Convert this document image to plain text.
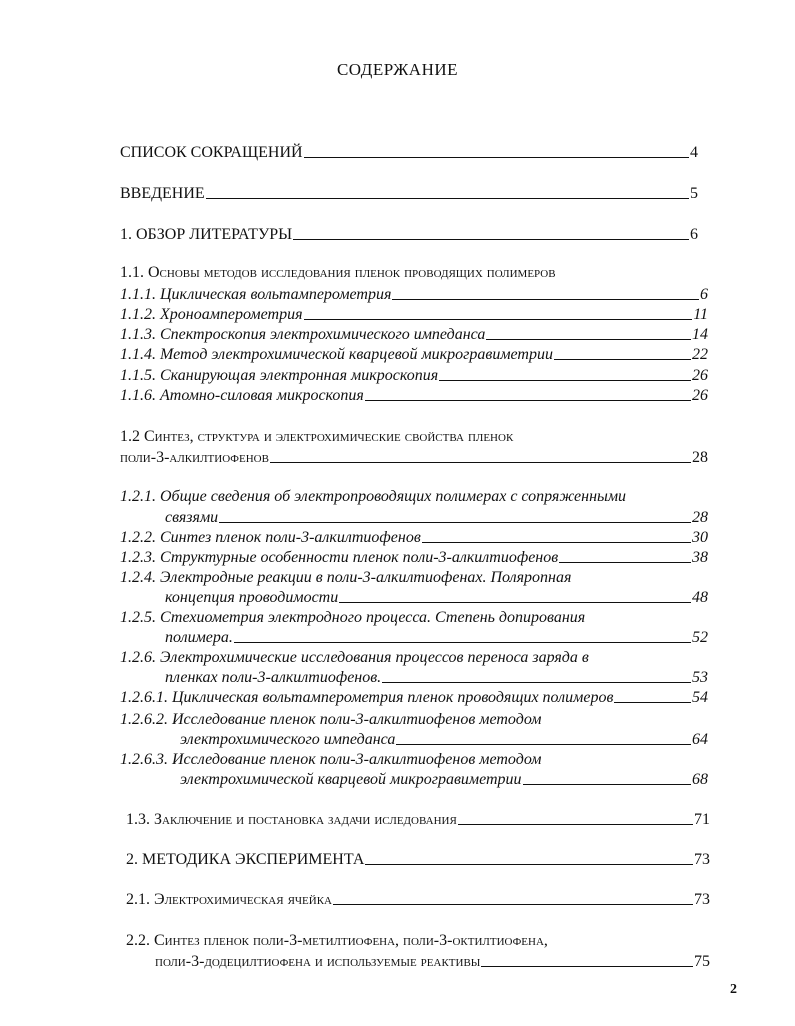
СОДЕРЖАНИЕ
СПИСОК СОКРАЩЕНИЙ	4
ВВЕДЕНИЕ	5
1. ОБЗОР ЛИТЕРАТУРЫ	6
1.1. Основы методов исследования пленок проводящих полимеров
1.1.1. Циклическая вольтамперометрия	6
1.1.2. Хроноамперометрия	11
1.1.3. Спектроскопия электрохимического импеданса	14
1.1.4. Метод электрохимической кварцевой микрогравиметрии	22
1.1.5. Сканирующая электронная микроскопия	26
1.1.6. Атомно-силовая микроскопия	26
1.2 Синтез, структура и электрохимические свойства пленок
поли-3-алкилтиофенов	28
1.2.1. Общие сведения об электропроводящих полимерах с сопряженными
связями	28
1.2.2. Синтез пленок поли-3-алкилтиофенов	30
1.2.3. Структурные особенности пленок поли-3-алкилтиофенов	38
1.2.4. Электродные реакции в поли-3-алкилтиофенах. Полярonная
концепция проводимости	48
1.2.5. Стехиометрия электродного процесса. Степень допирования
полимера.	52
1.2.6. Электрохимические исследования процессов переноса заряда в
пленках поли-3-алкилтиофенов.	53
1.2.6.1. Циклическая вольтамперометрия пленок проводящих полимеров	54
1.2.6.2. Исследование пленок поли-3-алкилтиофенов методом
электрохимического импеданса	64
1.2.6.3. Исследование пленок поли-3-алкилтиофенов методом
электрохимической кварцевой микрогравиметрии	68
1.3. Заключение и постановка задачи иследования	71
2. МЕТОДИКА ЭКСПЕРИМЕНТА	73
2.1. Электрохимическая ячейка	73
2.2. Синтез пленок поли-3-метилтиофена, поли-3-октилтиофена,
поли-3-додецилтиофена и используемые реактивы	75
2
